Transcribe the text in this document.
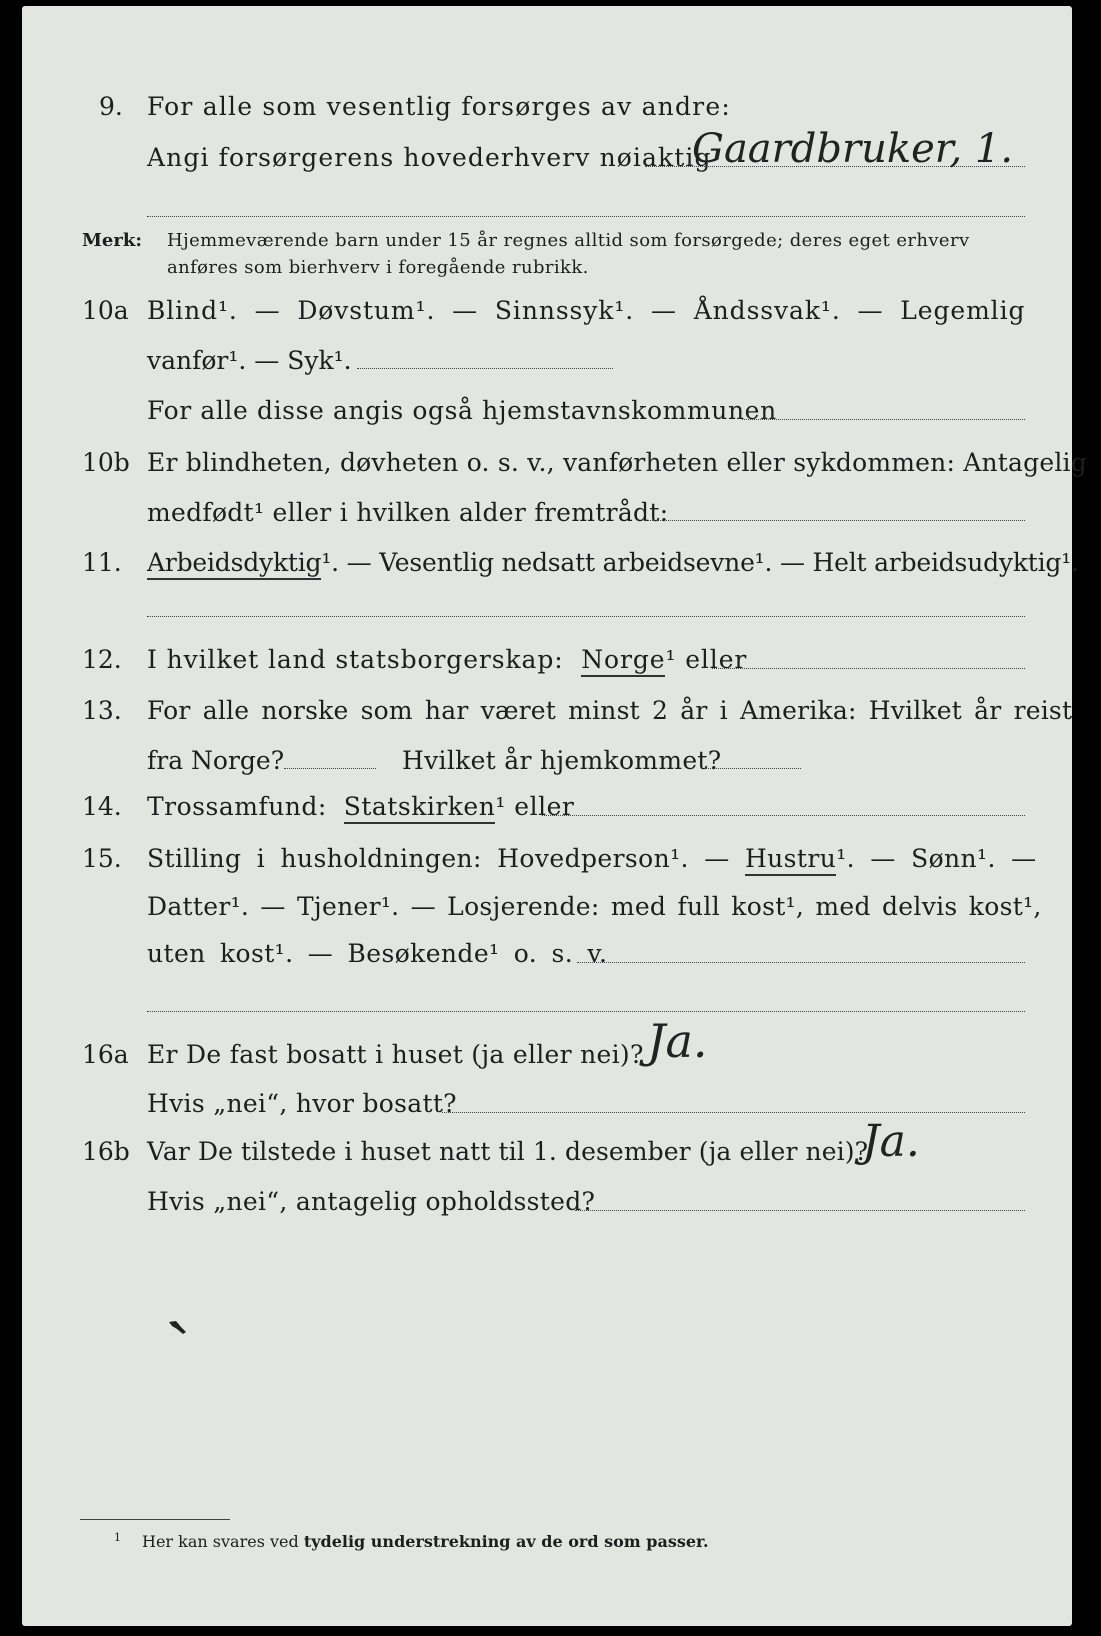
9. For alle som vesentlig forsørges av andre:
Angi forsørgerens hovederhverv nøiaktig
Gaardbruker, 1.
Merk: Hjemmeværende barn under 15 år regnes alltid som forsørgede; deres eget erhverv
anføres som bierhverv i foregående rubrikk.
10a Blind¹. — Døvstum¹. — Sinnssyk¹. — Åndssvak¹. — Legemlig
vanfør¹. — Syk¹.
For alle disse angis også hjemstavnskommunen
10b Er blindheten, døvheten o. s. v., vanførheten eller sykdommen: Antagelig
medfødt¹ eller i hvilken alder fremtrådt:
11. Arbeidsdyktig¹. — Vesentlig nedsatt arbeidsevne¹. — Helt arbeidsudyktig¹.
12. I hvilket land statsborgerskap: Norge¹ eller
13. For alle norske som har været minst 2 år i Amerika: Hvilket år reist
fra Norge?	Hvilket år hjemkommet?
14. Trossamfund: Statskirken¹ eller
15. Stilling i husholdningen: Hovedperson¹. — Hustru¹. — Sønn¹. —
Datter¹. — Tjener¹. — Losjerende: med full kost¹, med delvis kost¹,
uten kost¹. — Besøkende¹ o. s. v.
16a Er De fast bosatt i huset (ja eller nei)? Ja.
Hvis „nei“, hvor bosatt?
16b Var De tilstede i huset natt til 1. desember (ja eller nei)?
Ja.
Hvis „nei“, antagelig opholdssted?
1 Her kan svares ved tydelig understrekning av de ord som passer.
